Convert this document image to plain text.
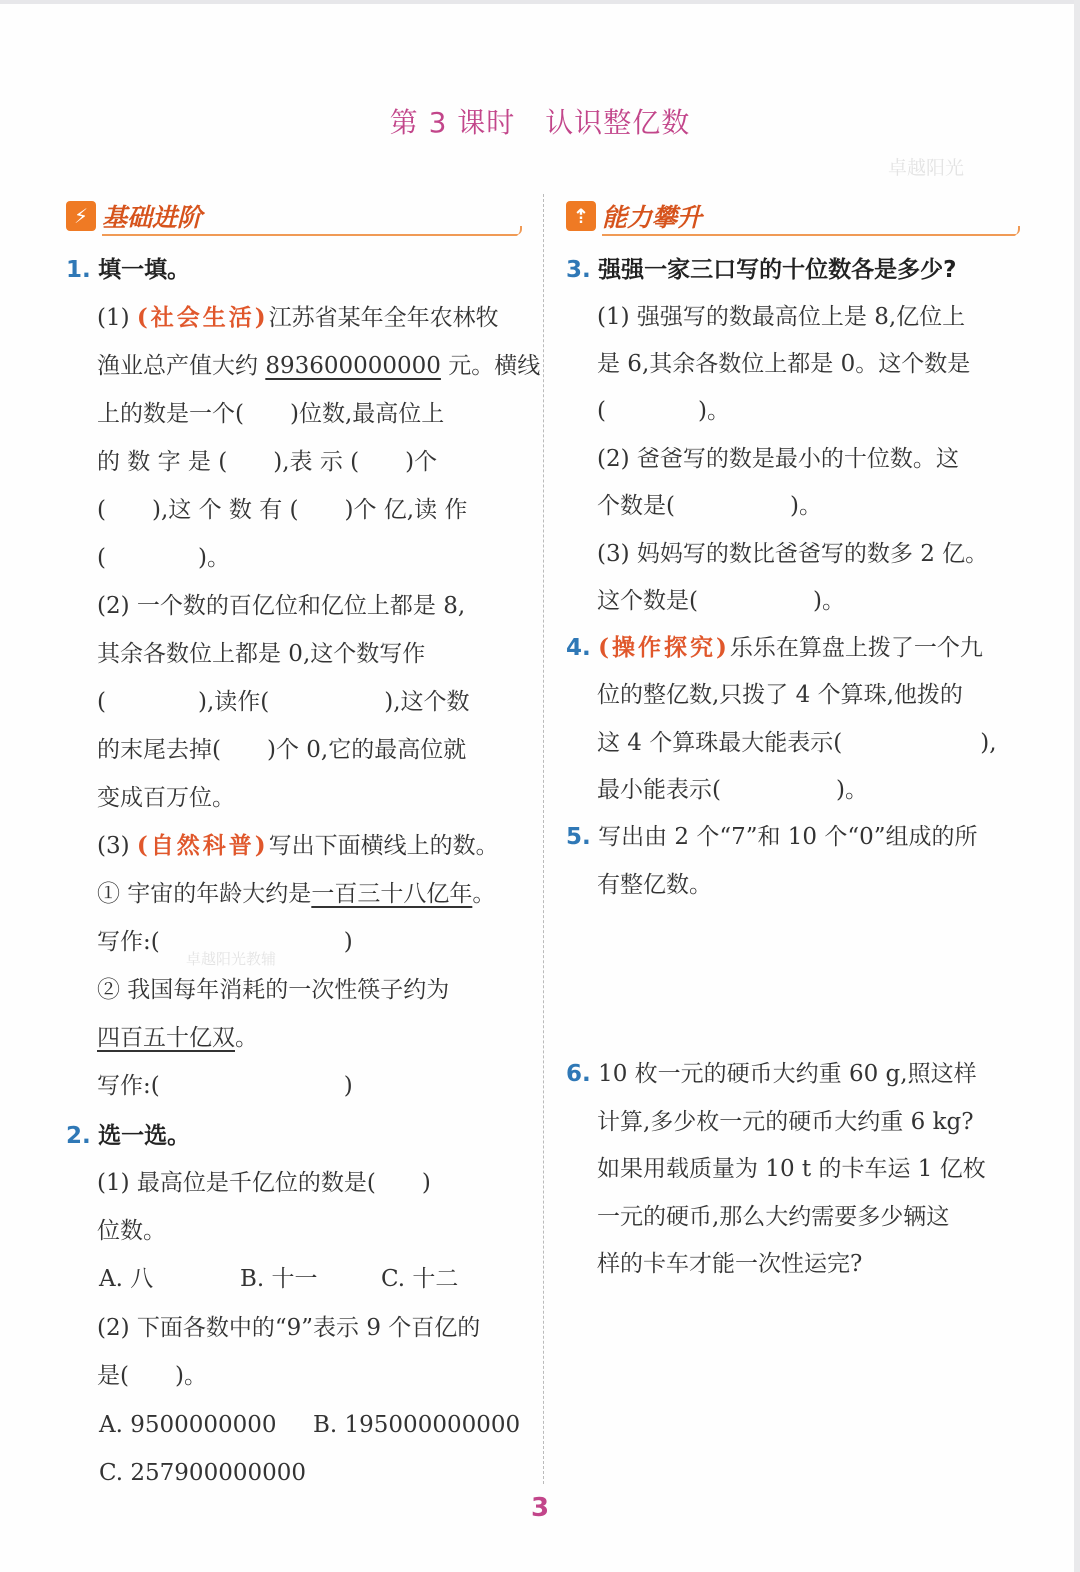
第 3 课时 认识整亿数
卓越阳光
卓越阳光教辅
⚡ 基础进阶
1. 填一填。
(1) (社会生活)江苏省某年全年农林牧
渔业总产值大约 893600000000 元。横线
上的数是一个(　　)位数,最高位上
的 数 字 是 (　　),表 示 (　　)个
(　　),这 个 数 有 (　　)个 亿,读 作
(　　　　)。
(2) 一个数的百亿位和亿位上都是 8,
其余各数位上都是 0,这个数写作
(　　　　),读作(　　　　　),这个数
的末尾去掉(　　)个 0,它的最高位就
变成百万位。
(3) (自然科普)写出下面横线上的数。
① 宇宙的年龄大约是一百三十八亿年。
写作:(　　　　　　　　)
② 我国每年消耗的一次性筷子约为
四百五十亿双。
写作:(　　　　　　　　)
2. 选一选。
(1) 最高位是千亿位的数是(　　)
位数。
A. 八	B. 十一	C. 十二
(2) 下面各数中的“9”表示 9 个百亿的
是(　　)。
A. 9500000000 B. 195000000000
C. 257900000000
⇡ 能力攀升
3. 强强一家三口写的十位数各是多少?
(1) 强强写的数最高位上是 8,亿位上
是 6,其余各数位上都是 0。这个数是
(　　　　)。
(2) 爸爸写的数是最小的十位数。这
个数是(　　　　　)。
(3) 妈妈写的数比爸爸写的数多 2 亿。
这个数是(　　　　　)。
4. (操作探究)乐乐在算盘上拨了一个九
位的整亿数,只拨了 4 个算珠,他拨的
这 4 个算珠最大能表示(　　　　　　),
最小能表示(　　　　　)。
5. 写出由 2 个“7”和 10 个“0”组成的所
有整亿数。
6. 10 枚一元的硬币大约重 60 g,照这样
计算,多少枚一元的硬币大约重 6 kg?
如果用载质量为 10 t 的卡车运 1 亿枚
一元的硬币,那么大约需要多少辆这
样的卡车才能一次性运完?
3
